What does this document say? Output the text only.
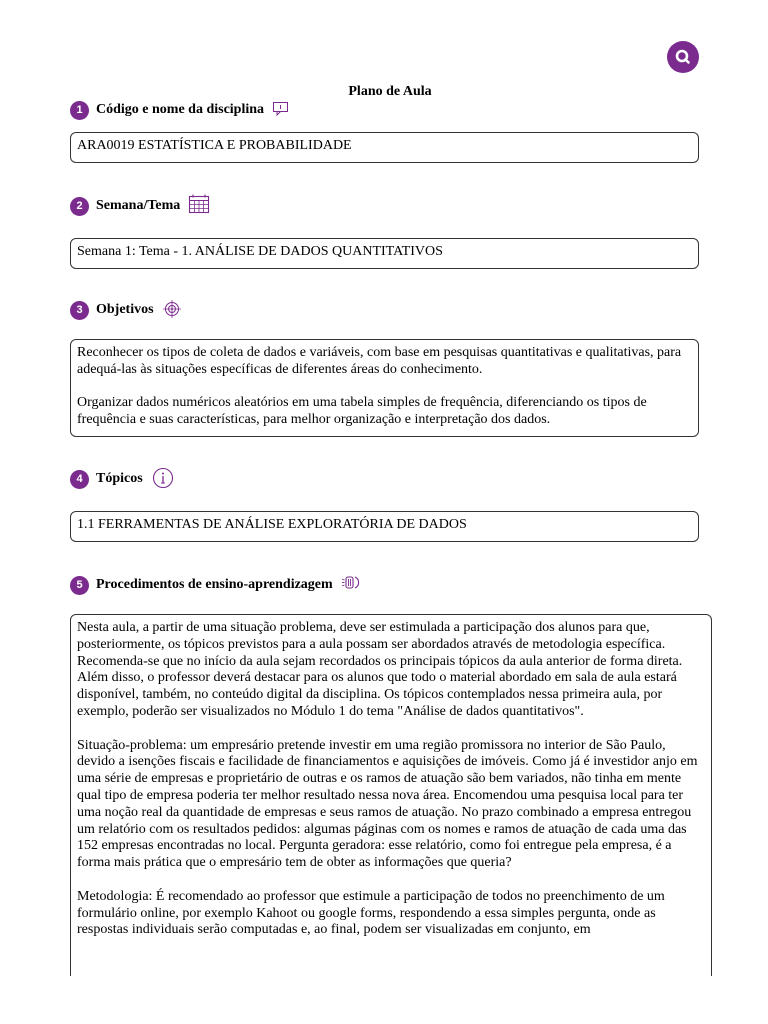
Plano de Aula
1 Código e nome da disciplina

ARA0019 ESTATÍSTICA E PROBABILIDADE

2 Semana/Tema

Semana 1: Tema - 1. ANÁLISE DE DADOS QUANTITATIVOS

3 Objetivos

Reconhecer os tipos de coleta de dados e variáveis, com base em pesquisas quantitativas e qualitativas, para adequá-las às situações específicas de diferentes áreas do conhecimento.

Organizar dados numéricos aleatórios em uma tabela simples de frequência, diferenciando os tipos de frequência e suas características, para melhor organização e interpretação dos dados.

4 Tópicos

1.1 FERRAMENTAS DE ANÁLISE EXPLORATÓRIA DE DADOS

5 Procedimentos de ensino-aprendizagem

Nesta aula, a partir de uma situação problema, deve ser estimulada a participação dos alunos para que, posteriormente, os tópicos previstos para a aula possam ser abordados através de metodologia específica. Recomenda-se que no início da aula sejam recordados os principais tópicos da aula anterior de forma direta. Além disso, o professor deverá destacar para os alunos que todo o material abordado em sala de aula estará disponível, também, no conteúdo digital da disciplina. Os tópicos contemplados nessa primeira aula, por exemplo, poderão ser visualizados no Módulo 1 do tema "Análise de dados quantitativos".

Situação-problema: um empresário pretende investir em uma região promissora no interior de São Paulo, devido a isenções fiscais e facilidade de financiamentos e aquisições de imóveis. Como já é investidor anjo em uma série de empresas e proprietário de outras e os ramos de atuação são bem variados, não tinha em mente qual tipo de empresa poderia ter melhor resultado nessa nova área. Encomendou uma pesquisa local para ter uma noção real da quantidade de empresas e seus ramos de atuação. No prazo combinado a empresa entregou um relatório com os resultados pedidos: algumas páginas com os nomes e ramos de atuação de cada uma das 152 empresas encontradas no local. Pergunta geradora: esse relatório, como foi entregue pela empresa, é a forma mais prática que o empresário tem de obter as informações que queria?

Metodologia: É recomendado ao professor que estimule a participação de todos no preenchimento de um formulário online, por exemplo Kahoot ou google forms, respondendo a essa simples pergunta, onde as respostas individuais serão computadas e, ao final, podem ser visualizadas em conjunto, em
